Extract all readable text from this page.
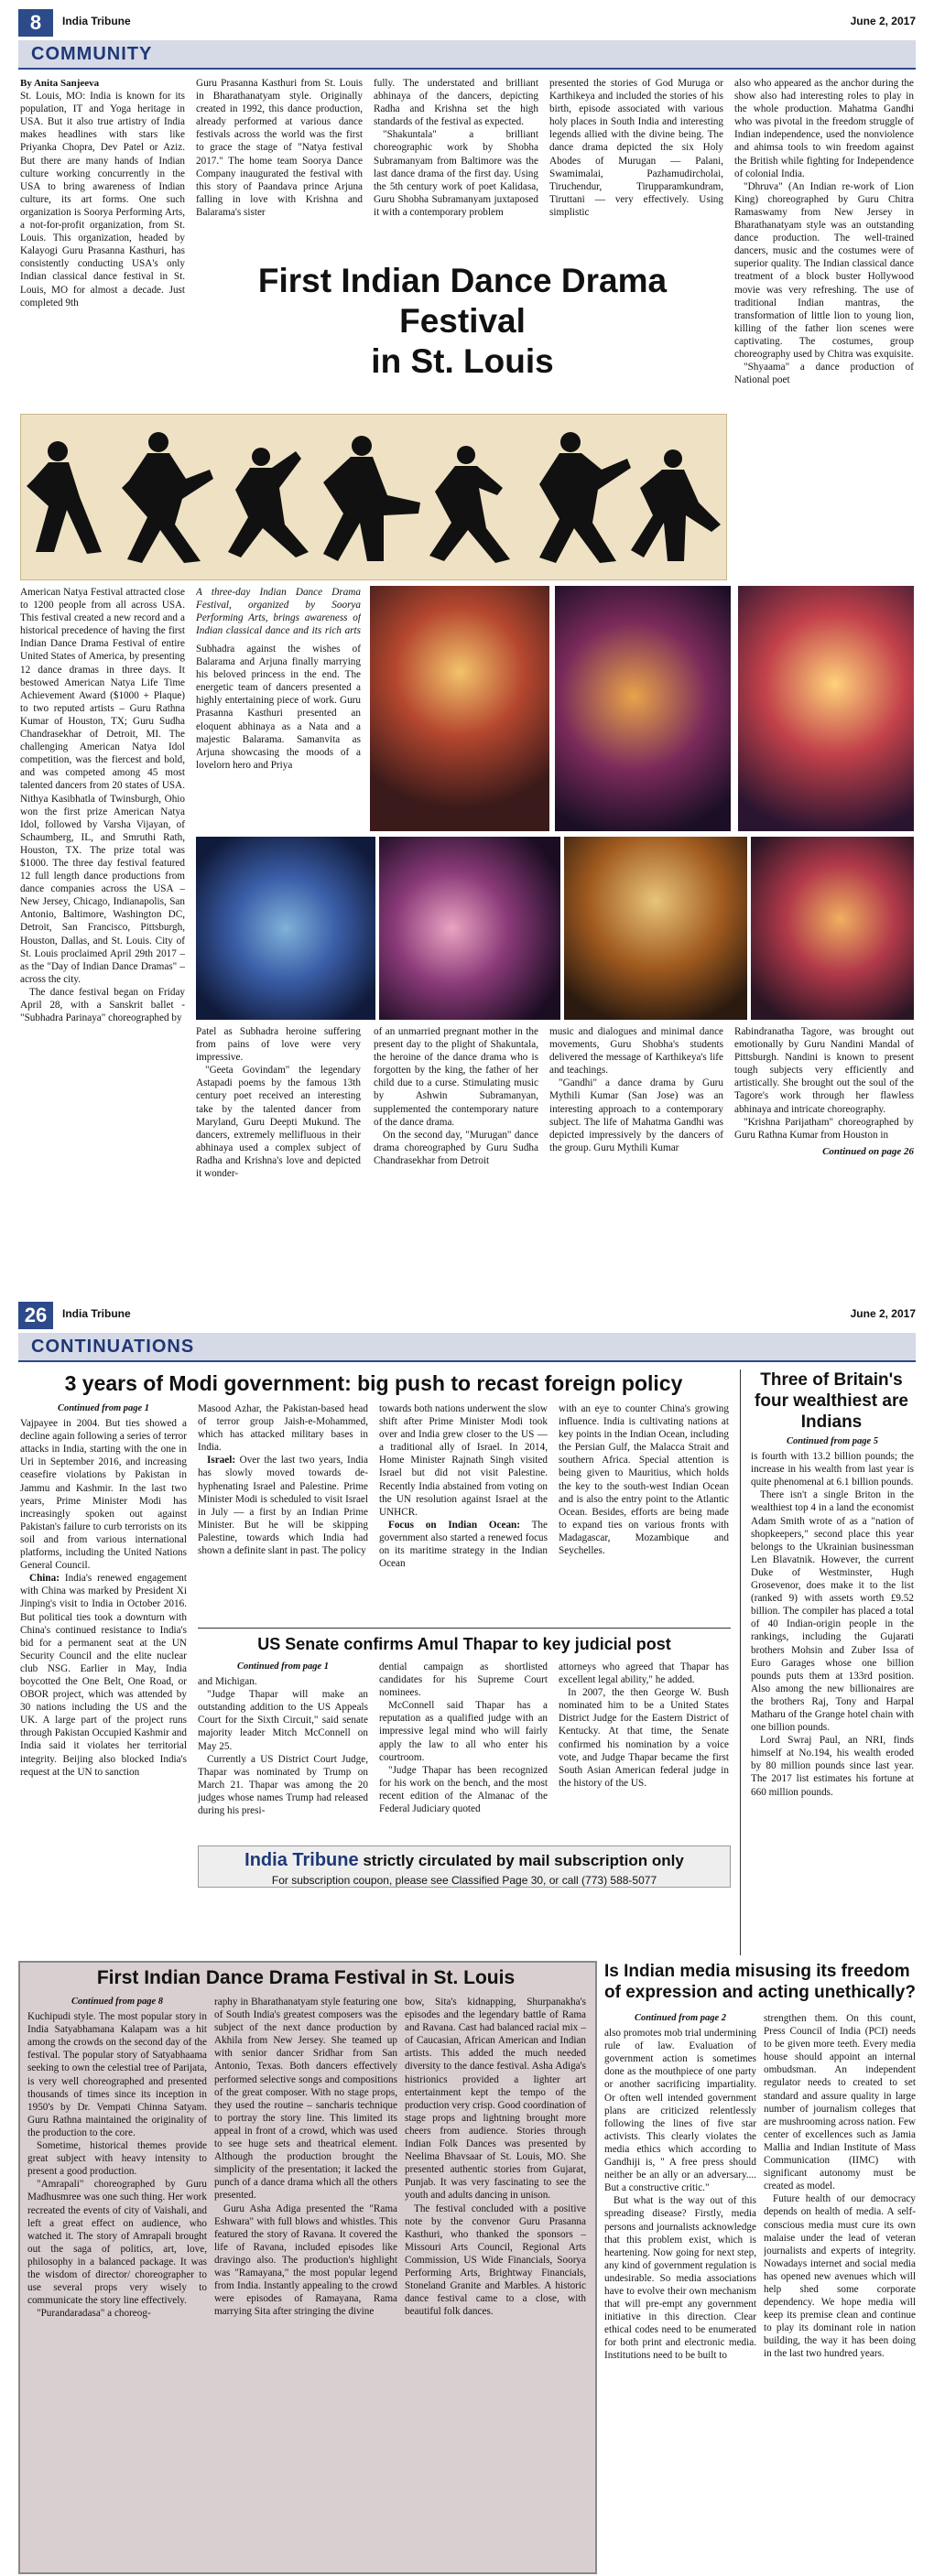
8	India Tribune	June 2, 2017
COMMUNITY

By Anita Sanjeeva

St. Louis, MO: India is known for its population, IT and Yoga heritage in USA. But it also true artistry of India makes headlines with stars like Priyanka Chopra, Dev Patel or Aziz. But there are many hands of Indian culture working concurrently in the USA to bring awareness of Indian culture, its art forms. One such organization is Soorya Performing Arts, a not-for-profit organization, from St. Louis. This organization, headed by Kalayogi Guru Prasanna Kasthuri, has consistently conducting USA's only Indian classical dance festival in St. Louis, MO for almost a decade. Just completed 9th

Guru Prasanna Kasthuri from St. Louis in Bharathanatyam style. Originally created in 1992, this dance production, already performed at various dance festivals across the world was the first to grace the stage of "Natya festival 2017." The home team Soorya Dance Company inaugurated the festival with this story of Paandava prince Arjuna falling in love with Krishna and Balarama's sister

fully. The understated and brilliant abhinaya of the dancers, depicting Radha and Krishna set the high standards of the festival as expected.

"Shakuntala" a brilliant choreographic work by Shobha Subramanyam from Baltimore was the last dance drama of the first day. Using the 5th century work of poet Kalidasa, Guru Shobha Subramanyam juxtaposed it with a contemporary problem

presented the stories of God Muruga or Karthikeya and included the stories of his birth, episode associated with various holy places in South India and interesting legends allied with the divine being. The dance drama depicted the six Holy Abodes of Murugan — Palani, Swamimalai, Pazhamudircholai, Tiruchendur, Tirupparamkundram, Tiruttani — very effectively. Using simplistic

also who appeared as the anchor during the show also had interesting roles to play in the whole production. Mahatma Gandhi who was pivotal in the freedom struggle of Indian independence, used the nonviolence and ahimsa tools to win freedom against the British while fighting for Independence of colonial India.

"Dhruva" (An Indian re-work of Lion King) choreographed by Guru Chitra Ramaswamy from New Jersey in Bharathanatyam style was an outstanding dance production. The well-trained dancers, music and the costumes were of superior quality. The Indian classical dance treatment of a block buster Hollywood movie was very refreshing. The use of traditional Indian mantras, the transformation of little lion to young lion, killing of the father lion scenes were captivating. The costumes, group choreography used by Chitra was exquisite.

"Shyaama" a dance production of National poet

First Indian Dance Drama Festival
in St. Louis

American Natya Festival attracted close to 1200 people from all across USA. This festival created a new record and a historical precedence of having the first Indian Dance Drama Festival of entire United States of America, by presenting 12 dance dramas in three days. It bestowed American Natya Life Time Achievement Award ($1000 + Plaque) to two reputed artists – Guru Rathna Kumar of Houston, TX; Guru Sudha Chandrasekhar of Detroit, MI. The challenging American Natya Idol competition, was the fiercest and bold, and was competed among 45 most talented dancers from 20 states of USA. Nithya Kasibhatla of Twinsburgh, Ohio won the first prize American Natya Idol, followed by Varsha Vijayan, of Schaumberg, IL, and Smruthi Rath, Houston, TX. The prize total was $1000. The three day festival featured 12 full length dance productions from dance companies across the USA – New Jersey, Chicago, Indianapolis, San Antonio, Baltimore, Washington DC, Detroit, San Francisco, Pittsburgh, Houston, Dallas, and St. Louis. City of St. Louis proclaimed April 29th 2017 – as the "Day of Indian Dance Dramas" – across the city.

The dance festival began on Friday April 28, with a Sanskrit ballet - "Subhadra Parinaya" choreographed by

A three-day Indian Dance Drama Festival, organized by Soorya Performing Arts, brings awareness of Indian classical dance and its rich arts

Subhadra against the wishes of Balarama and Arjuna finally marrying his beloved princess in the end. The energetic team of dancers presented a highly entertaining piece of work. Guru Prasanna Kasthuri presented an eloquent abhinaya as a Nata and a majestic Balarama. Samanvita as Arjuna showcasing the moods of a lovelorn hero and Priya

Patel as Subhadra heroine suffering from pains of love were very impressive.

"Geeta Govindam" the legendary Astapadi poems by the famous 13th century poet received an interesting take by the talented dancer from Maryland, Guru Deepti Mukund. The dancers, extremely mellifluous in their abhinaya used a complex subject of Radha and Krishna's love and depicted it wonder-

of an unmarried pregnant mother in the present day to the plight of Shakuntala, the heroine of the dance drama who is forgotten by the king, the father of her child due to a curse. Stimulating music by Ashwin Subramanyan, supplemented the contemporary nature of the dance drama.

On the second day, "Murugan" dance drama choreographed by Guru Sudha Chandrasekhar from Detroit

music and dialogues and minimal dance movements, Guru Shobha's students delivered the message of Karthikeya's life and teachings.

"Gandhi" a dance drama by Guru Mythili Kumar (San Jose) was an interesting approach to a contemporary subject. The life of Mahatma Gandhi was depicted impressively by the dancers of the group. Guru Mythili Kumar

Rabindranatha Tagore, was brought out emotionally by Guru Nandini Mandal of Pittsburgh. Nandini is known to present tough subjects very efficiently and artistically. She brought out the soul of the Tagore's work through her flawless abhinaya and intricate choreography.

"Krishna Parijatham" choreographed by Guru Rathna Kumar from Houston in

Continued on page 26

26	India Tribune	June 2, 2017
CONTINUATIONS
3 years of Modi government: big push to recast foreign policy

Continued from page 1

Vajpayee in 2004. But ties showed a decline again following a series of terror attacks in India, starting with the one in Uri in September 2016, and increasing ceasefire violations by Pakistan in Jammu and Kashmir. In the last two years, Prime Minister Modi has increasingly spoken out against Pakistan's failure to curb terrorists on its soil and from various international platforms, including the United Nations General Council.

China: India's renewed engagement with China was marked by President Xi Jinping's visit to India in October 2016. But political ties took a downturn with China's continued resistance to India's bid for a permanent seat at the UN Security Council and the elite nuclear club NSG. Earlier in May, India boycotted the One Belt, One Road, or OBOR project, which was attended by 30 nations including the US and the UK. A large part of the project runs through Pakistan Occupied Kashmir and India said it violates her territorial integrity. Beijing also blocked India's request at the UN to sanction

Masood Azhar, the Pakistan-based head of terror group Jaish-e-Mohammed, which has attacked military bases in India.

Israel: Over the last two years, India has slowly moved towards de-hyphenating Israel and Palestine. Prime Minister Modi is scheduled to visit Israel in July — a first by an Indian Prime Minister. But he will be skipping Palestine, towards which India had shown a definite slant in past. The policy

towards both nations underwent the slow shift after Prime Minister Modi took over and India grew closer to the US — a traditional ally of Israel. In 2014, Home Minister Rajnath Singh visited Israel but did not visit Palestine. Recently India abstained from voting on the UN resolution against Israel at the UNHCR.

Focus on Indian Ocean: The government also started a renewed focus on its maritime strategy in the Indian Ocean

with an eye to counter China's growing influence. India is cultivating nations at key points in the Indian Ocean, including the Persian Gulf, the Malacca Strait and southern Africa. Special attention is being given to Mauritius, which holds the key to the south-west Indian Ocean and is also the entry point to the Atlantic Ocean. Besides, efforts are being made to expand ties on various fronts with Madagascar, Mozambique and Seychelles.

Three of Britain's four wealthiest are Indians

Continued from page 5

is fourth with 13.2 billion pounds; the increase in his wealth from last year is quite phenomenal at 6.1 billion pounds.

There isn't a single Briton in the wealthiest top 4 in a land the economist Adam Smith wrote of as a "nation of shopkeepers," second place this year belongs to the Ukrainian businessman Len Blavatnik. However, the current Duke of Westminster, Hugh Grosevenor, does make it to the list (ranked 9) with assets worth £9.52 billion. The compiler has placed a total of 40 Indian-origin people in the rankings, including the Gujarati brothers Mohsin and Zuber Issa of Euro Garages whose one billion pounds puts them at 133rd position. Also among the new billionaires are the brothers Raj, Tony and Harpal Matharu of the Grange hotel chain with one billion pounds.

Lord Swraj Paul, an NRI, finds himself at No.194, his wealth eroded by 80 million pounds since last year. The 2017 list estimates his fortune at 660 million pounds.

US Senate confirms Amul Thapar to key judicial post

Continued from page 1

and Michigan.

"Judge Thapar will make an outstanding addition to the US Appeals Court for the Sixth Circuit," said senate majority leader Mitch McConnell on May 25.

Currently a US District Court Judge, Thapar was nominated by Trump on March 21. Thapar was among the 20 judges whose names Trump had released during his presi-

dential campaign as shortlisted candidates for his Supreme Court nominees.

McConnell said Thapar has a reputation as a qualified judge with an impressive legal mind who will fairly apply the law to all who enter his courtroom.

"Judge Thapar has been recognized for his work on the bench, and the most recent edition of the Almanac of the Federal Judiciary quoted

attorneys who agreed that Thapar has excellent legal ability," he added.

In 2007, the then George W. Bush nominated him to be a United States District Judge for the Eastern District of Kentucky. At that time, the Senate confirmed his nomination by a voice vote, and Judge Thapar became the first South Asian American federal judge in the history of the US.

India Tribune strictly circulated by mail subscription only
For subscription coupon, please see Classified Page 30, or call (773) 588-5077
First Indian Dance Drama Festival in St. Louis

Continued from page 8

Kuchipudi style. The most popular story in India Satyabhamana Kalapam was a hit among the crowds on the second day of the festival. The popular story of Satyabhaama seeking to own the celestial tree of Parijata, is very well choreographed and presented thousands of times since its inception in 1950's by Dr. Vempati Chinna Satyam. Guru Rathna maintained the originality of the production to the core.

Sometime, historical themes provide great subject with heavy intensity to present a good production.

"Amrapali" choreographed by Guru Madhusmree was one such thing. Her work recreated the events of city of Vaishali, and left a great effect on audience, who watched it. The story of Amrapali brought out the saga of politics, art, love, philosophy in a balanced package. It was the wisdom of director/ choreographer to use several props very wisely to communicate the story line effectively.

"Purandaradasa" a choreog-

raphy in Bharathanatyam style featuring one of South India's greatest composers was the subject of the next dance production by Akhila from New Jersey. She teamed up with senior dancer Sridhar from San Antonio, Texas. Both dancers effectively performed selective songs and compositions of the great composer. With no stage props, they used the routine – sancharis technique to portray the story line. This limited its appeal in front of a crowd, which was used to see huge sets and theatrical element. Although the production brought the simplicity of the presentation; it lacked the punch of a dance drama which all the others presented.

Guru Asha Adiga presented the "Rama Eshwara" with full blows and whistles. This featured the story of Ravana. It covered the life of Ravana, included episodes like dravingo also. The production's highlight was "Ramayana," the most popular legend from India. Instantly appealing to the crowd were episodes of Ramayana, Rama marrying Sita after stringing the divine

bow, Sita's kidnapping, Shurpanakha's episodes and the legendary battle of Rama and Ravana. Cast had balanced racial mix – of Caucasian, African American and Indian artists. This added the much needed diversity to the dance festival. Asha Adiga's histrionics provided a lighter art entertainment kept the tempo of the production very crisp. Good coordination of stage props and lightning brought more cheers from audience. Stories through Indian Folk Dances was presented by Neelima Bhavsaar of St. Louis, MO. She presented authentic stories from Gujarat, Punjab. It was very fascinating to see the youth and adults dancing in unison.

The festival concluded with a positive note by the convenor Guru Prasanna Kasthuri, who thanked the sponsors – Missouri Arts Council, Regional Arts Commission, US Wide Financials, Soorya Performing Arts, Brightway Financials, Stoneland Granite and Marbles. A historic dance festival came to a close, with beautiful folk dances.

Is Indian media misusing its freedom of expression and acting unethically?

Continued from page 2

also promotes mob trial undermining rule of law. Evaluation of government action is sometimes done as the mouthpiece of one party or another sacrificing impartiality. Or often well intended government plans are criticized relentlessly following the lines of five star activists. This clearly violates the media ethics which according to Gandhiji is, " A free press should neither be an ally or an adversary.... But a constructive critic."

But what is the way out of this spreading disease? Firstly, media persons and journalists acknowledge that this problem exist, which is heartening. Now going for next step, any kind of government regulation is undesirable. So media associations have to evolve their own mechanism that will pre-empt any government initiative in this direction. Clear ethical codes need to be enumerated for both print and electronic media. Institutions need to be built to

strengthen them. On this count, Press Council of India (PCI) needs to be given more teeth. Every media house should appoint an internal ombudsman. An independent regulator needs to created to set standard and assure quality in large number of journalism colleges that are mushrooming across nation. Few center of excellences such as Jamia Mallia and Indian Institute of Mass Communication (IIMC) with significant autonomy must be created as model.

Future health of our democracy depends on health of media. A self-conscious media must cure its own malaise under the lead of veteran journalists and experts of integrity. Nowadays internet and social media has opened new avenues which will help shed some corporate dependency. We hope media will keep its premise clean and continue to play its dominant role in nation building, the way it has been doing in the last two hundred years.
